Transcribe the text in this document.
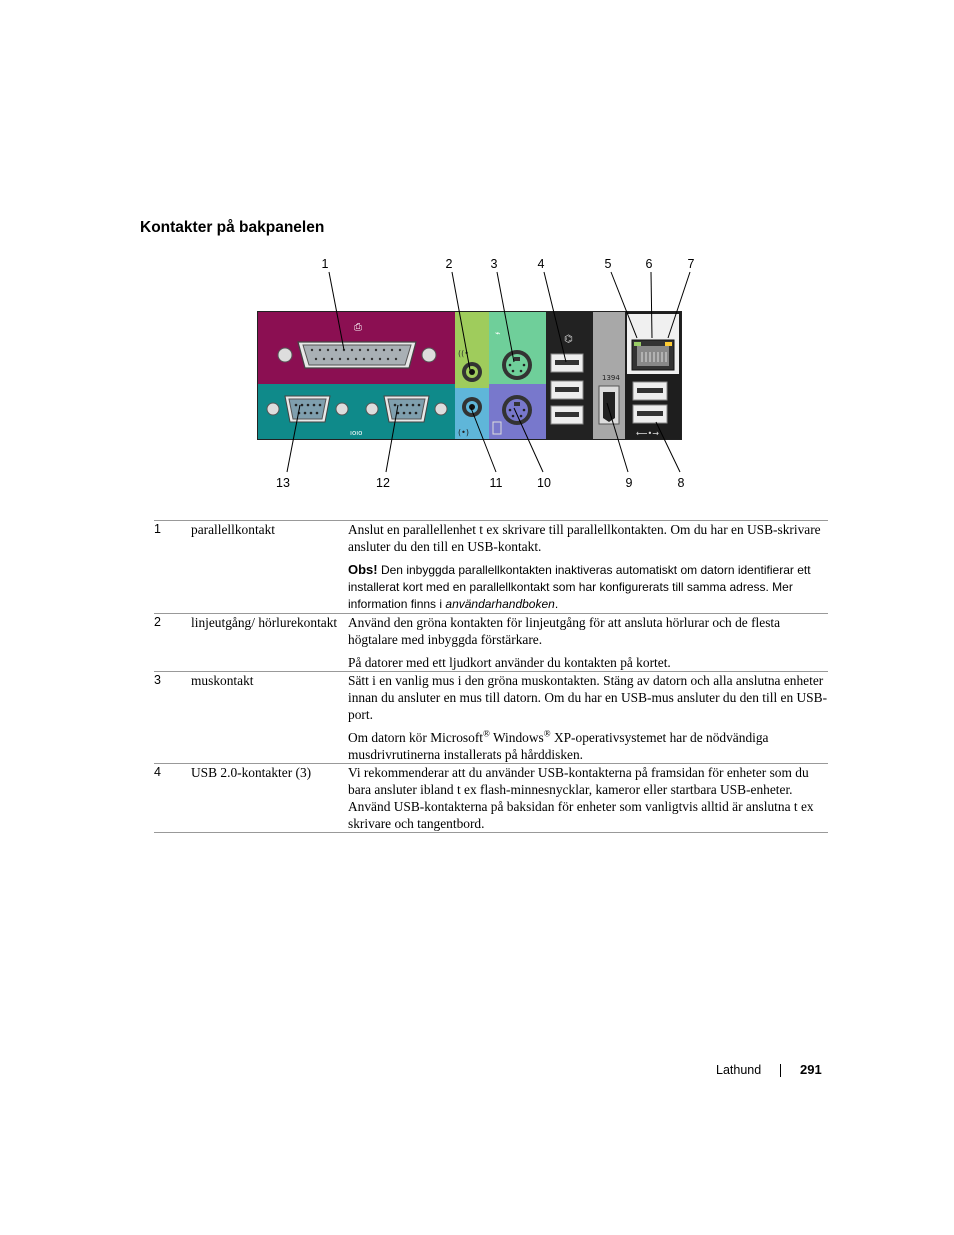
Kontakter på bakpanelen
1	2	3	4	5	6	7
13	12	11	10	9	8
⎙
ıoıo
((•
(•)
⌁	⌬
1394
⟵•→
1	parallellkontakt	Anslut en parallellenhet t ex skrivare till parallellkontakten. Om du har en USB-skrivare ansluter du den till en USB-kontakt.

Obs! Den inbyggda parallellkontakten inaktiveras automatiskt om datorn identifierar ett installerat kort med en parallellkontakt som har konfigurerats till samma adress. Mer information finns i användarhandboken.

2	linjeutgång/ hörlurekontakt	Använd den gröna kontakten för linjeutgång för att ansluta hörlurar och de flesta högtalare med inbyggda förstärkare.

På datorer med ett ljudkort använder du kontakten på kortet.

3	muskontakt	Sätt i en vanlig mus i den gröna muskontakten. Stäng av datorn och alla anslutna enheter innan du ansluter en mus till datorn. Om du har en USB-mus ansluter du den till en USB-port.

Om datorn kör Microsoft® Windows® XP-operativsystemet har de nödvändiga musdrivrutinerna installerats på hårddisken.

4	USB 2.0-kontakter (3)	Vi rekommenderar att du använder USB-kontakterna på framsidan för enheter som du bara ansluter ibland t ex flash-minnesnycklar, kameror eller startbara USB-enheter. Använd USB-kontakterna på baksidan för enheter som vanligtvis alltid är anslutna t ex skrivare och tangentbord.

Lathund	291
